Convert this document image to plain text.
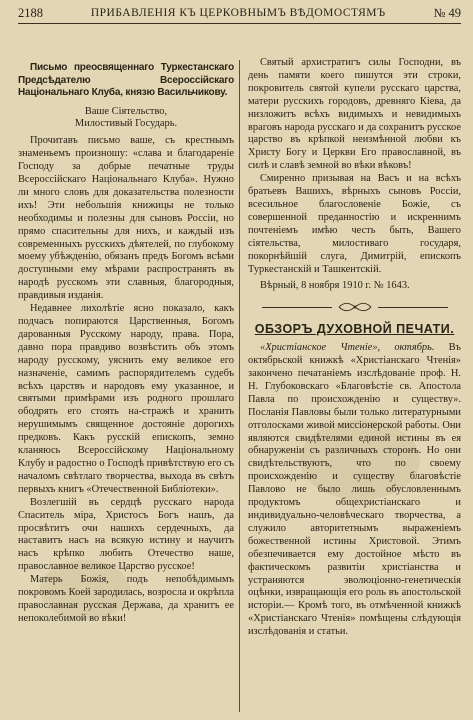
2188	ПРИБАВЛЕНІЯ КЪ ЦЕРКОВНЫМЪ ВѢДОМОСТЯМЪ	№ 49

Письмо преосвященнаго Туркестанскаго Предсѣдателю Всероссійскаго Національнаго Клуба, князю Васильчикову.

Ваше Сіятельство,

Милостивый Государь.

Прочитавъ письмо ваше, съ крестнымъ знаменьемъ произношу: «слава и благодареніе Господу за добрые печатные труды Всероссійскаго Національнаго Клуба». Нужно ли много словъ для доказательства полезности ихъ! Эти небольшія книжицы не только необходимы и полезны для сыновъ Россіи, но прямо спасительны для нихъ, и каждый изъ современныхъ русскихъ дѣятелей, по глубокому моему убѣжденію, обязанъ предъ Богомъ всѣми доступными ему мѣрами распространять въ народѣ русскомъ эти славныя, благородныя, правдивыя изданія.

Недавнее лихолѣтіе ясно показало, какъ подчасъ попираются Царственныя, Богомъ дарованныя Русскому народу, права. Пора, давно пора правдиво возвѣстить объ этомъ народу русскому, уяснить ему великое его назначеніе, самимъ распорядителемъ судебъ всѣхъ царствъ и народовъ ему указанное, и святыми примѣрами изъ родного прошлаго ободрять его стоять на-стражѣ и хранить нерушимымъ священное достояніе дорогихъ предковъ. Какъ русскій епископъ, земно кланяюсь Всероссійскому Національному Клубу и радостно о Господѣ привѣтствую его съ началомъ свѣтлаго творчества, выхода въ свѣтъ первыхъ книгъ «Отечественной Библіотеки».

Возлегшій въ сердцѣ русскаго народа Спаситель міра, Христосъ Богъ нашъ, да просвѣтитъ очи нашихъ сердечныхъ, да наставитъ насъ на всякую истину и научитъ насъ крѣпко любить Отечество наше, православное великое Царство русское!

Матерь Божія, подъ непобѣдимымъ покровомъ Коей зародилась, возросла и окрѣпла православная русская Держава, да хранитъ ее непоколебимой во вѣки!

Святый архистратигъ силы Господни, въ день памяти коего пишутся эти строки, покровитель святой купели русскаго царства, матери русскихъ городовъ, древняго Кіева, да низложитъ всѣхъ видимыхъ и невидимыхъ враговъ народа русскаго и да сохранитъ русское царство въ крѣпкой неизмѣнной любви къ Христу Богу и Церкви Его православной, въ силѣ и славѣ земной во вѣки вѣковъ!

Смиренно призывая на Васъ и на всѣхъ братьевъ Вашихъ, вѣрныхъ сыновъ Россіи, всесильное благословеніе Божіе, съ совершенной преданностію и искреннимъ почтеніемъ имѣю честь быть, Вашего сіятельства, милостиваго государя, покорнѣйшій слуга, Димитрій, епископъ Туркестанскій и Ташкентскій.

Вѣрный, 8 ноября 1910 г. № 1643.

ОБЗОРЪ ДУХОВНОЙ ПЕЧАТИ.

«Христіанское Чтеніе», октябрь. Въ октябрьской книжкѣ «Христіанскаго Чтенія» закончено печатаніемъ изслѣдованіе проф. Н. Н. Глубоковскаго «Благовѣстіе св. Апостола Павла по происхожденію и существу». Посланія Павловы были только литературными отголосками живой миссіонерской работы. Они являются свидѣтелями единой истины въ ея обнаруженіи съ различныхъ сторонъ. Но они свидѣтельствуютъ, что по своему происхожденію и существу благовѣстіе Павлово не было лишь обусловленнымъ продуктомъ общехристіанскаго и индивидуально-человѣческаго творчества, а служило авторитетнымъ выраженіемъ божественной истины Христовой. Этимъ обезпечивается ему достойное мѣсто въ фактическомъ развитіи христіанства и устраняются эволюціонно-генетическія оцѣнки, извращающія его роль въ апостольской исторіи.— Кромѣ того, въ отмѣченной книжкѣ «Христіанскаго Чтенія» помѣщены слѣдующія изслѣдованія и статьи.
